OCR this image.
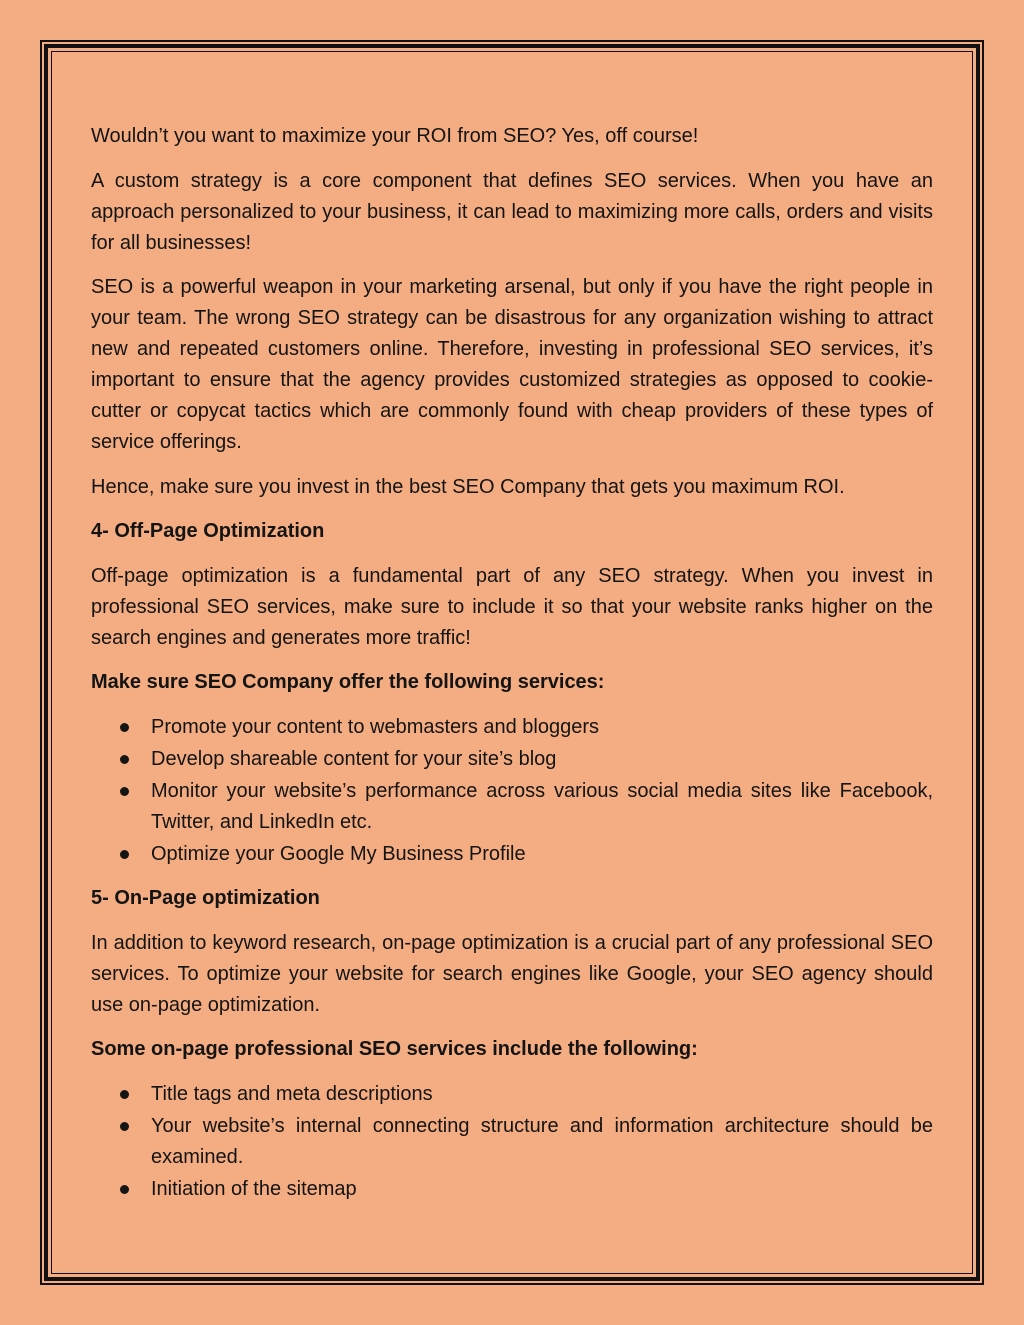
Wouldn’t you want to maximize your ROI from SEO? Yes, off course!

A custom strategy is a core component that defines SEO services. When you have an approach personalized to your business, it can lead to maximizing more calls, orders and visits for all businesses!

SEO is a powerful weapon in your marketing arsenal, but only if you have the right people in your team. The wrong SEO strategy can be disastrous for any organization wishing to attract new and repeated customers online. Therefore, investing in professional SEO services, it’s important to ensure that the agency provides customized strategies as opposed to cookie-cutter or copycat tactics which are commonly found with cheap providers of these types of service offerings.

Hence, make sure you invest in the best SEO Company that gets you maximum ROI.

4- Off-Page Optimization

Off-page optimization is a fundamental part of any SEO strategy. When you invest in professional SEO services, make sure to include it so that your website ranks higher on the search engines and generates more traffic!

Make sure SEO Company offer the following services:
Promote your content to webmasters and bloggers
Develop shareable content for your site’s blog
Monitor your website’s performance across various social media sites like Facebook, Twitter, and LinkedIn etc.
Optimize your Google My Business Profile
5- On-Page optimization

In addition to keyword research, on-page optimization is a crucial part of any professional SEO services. To optimize your website for search engines like Google, your SEO agency should use on-page optimization.

Some on-page professional SEO services include the following:
Title tags and meta descriptions
Your website’s internal connecting structure and information architecture should be examined.
Initiation of the sitemap
